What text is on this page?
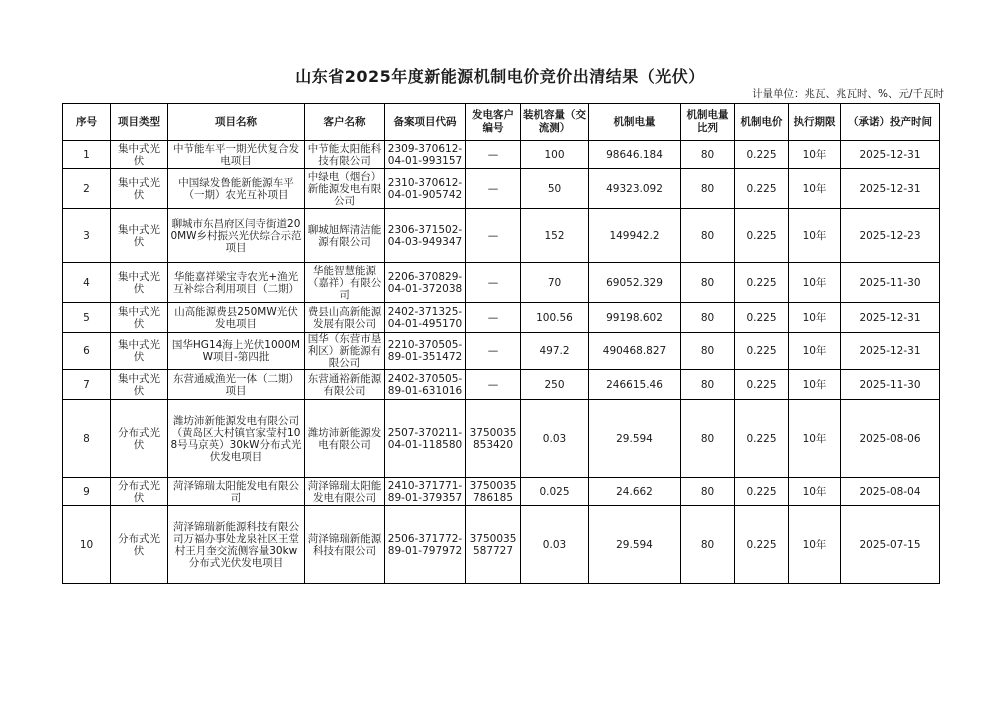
山东省2025年度新能源机制电价竞价出清结果（光伏）
计量单位：兆瓦、兆瓦时、%、元/千瓦时
序号	项目类型	项目名称	客户名称	备案项目代码	发电客户编号	装机容量（交流测）	机制电量	机制电量比列	机制电价	执行期限	（承诺）投产时间
1	集中式光伏	中节能车平一期光伏复合发电项目	中节能太阳能科技有限公司	2309-370612-04-01-993157	—	100	98646.184	80	0.225	10年	2025-12-31
2	集中式光伏	中国绿发鲁能新能源车平（一期）农光互补项目	中绿电（烟台）新能源发电有限公司	2310-370612-04-01-905742	—	50	49323.092	80	0.225	10年	2025-12-31
3	集中式光伏	聊城市东昌府区闫寺街道200MW乡村振兴光伏综合示范项目	聊城旭辉清洁能源有限公司	2306-371502-04-03-949347	—	152	149942.2	80	0.225	10年	2025-12-23
4	集中式光伏	华能嘉祥梁宝寺农光+渔光互补综合利用项目（二期）	华能智慧能源（嘉祥）有限公司	2206-370829-04-01-372038	—	70	69052.329	80	0.225	10年	2025-11-30
5	集中式光伏	山高能源费县250MW光伏发电项目	费县山高新能源发展有限公司	2402-371325-04-01-495170	—	100.56	99198.602	80	0.225	10年	2025-12-31
6	集中式光伏	国华HG14海上光伏1000MW项目-第四批	国华（东营市垦利区）新能源有限公司	2210-370505-89-01-351472	—	497.2	490468.827	80	0.225	10年	2025-12-31
7	集中式光伏	东营通威渔光一体（二期）项目	东营通裕新能源有限公司	2402-370505-89-01-631016	—	250	246615.46	80	0.225	10年	2025-11-30
8	分布式光伏	潍坊沛新能源发电有限公司（黄岛区大村镇官家莹村108号马京英）30kW分布式光伏发电项目	潍坊沛新能源发电有限公司	2507-370211-04-01-118580	3750035853420	0.03	29.594	80	0.225	10年	2025-08-06
9	分布式光伏	菏泽锦瑞太阳能发电有限公司	菏泽锦瑞太阳能发电有限公司	2410-371771-89-01-379357	3750035786185	0.025	24.662	80	0.225	10年	2025-08-04
10	分布式光伏	菏泽锦瑞新能源科技有限公司万福办事处龙泉社区王堂村王月奎交流侧容量30kw分布式光伏发电项目	菏泽锦瑞新能源科技有限公司	2506-371772-89-01-797972	3750035587727	0.03	29.594	80	0.225	10年	2025-07-15
